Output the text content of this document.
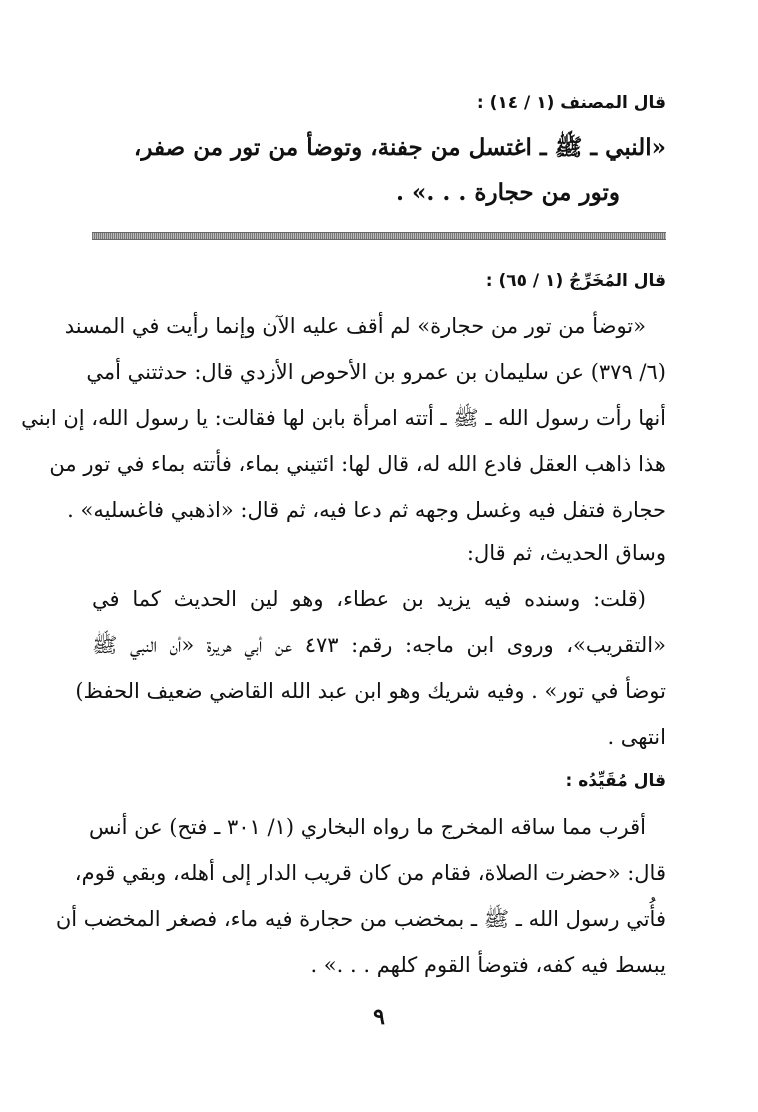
قال المصنف (١ / ١٤) :
«النبي ـ ﷺ ـ اغتسل من جفنة، وتوضأ من تور من صفر،
وتور من حجارة . . .» .
قال المُخَرِّجُ (١ / ٦٥) :
«توضأ من تور من حجارة» لم أقف عليه الآن وإنما رأيت في المسند
(٦/ ٣٧٩) عن سليمان بن عمرو بن الأحوص الأزدي قال: حدثتني أمي
أنها رأت رسول الله ـ ﷺ ـ أتته امرأة بابن لها فقالت: يا رسول الله، إن ابني
هذا ذاهب العقل فادع الله له، قال لها: ائتيني بماء، فأتته بماء في تور من
حجارة فتفل فيه وغسل وجهه ثم دعا فيه، ثم قال: «اذهبي فاغسليه» .
وساق الحديث، ثم قال:
(قلت: وسنده فيه يزيد بن عطاء، وهو لين الحديث كما في
«التقريب»، وروى ابن ماجه: رقم: ٤٧٣ عن أبي هريرة «أن النبي ﷺ
توضأ في تور» . وفيه شريك وهو ابن عبد الله القاضي ضعيف الحفظ)
انتهى .
قال مُقَيِّدُه :
أقرب مما ساقه المخرج ما رواه البخاري (١/ ٣٠١ ـ فتح) عن أنس
قال: «حضرت الصلاة، فقام من كان قريب الدار إلى أهله، وبقي قوم،
فأُتي رسول الله ـ ﷺ ـ بمخضب من حجارة فيه ماء، فصغر المخضب أن
يبسط فيه كفه، فتوضأ القوم كلهم . . .» .
٩
